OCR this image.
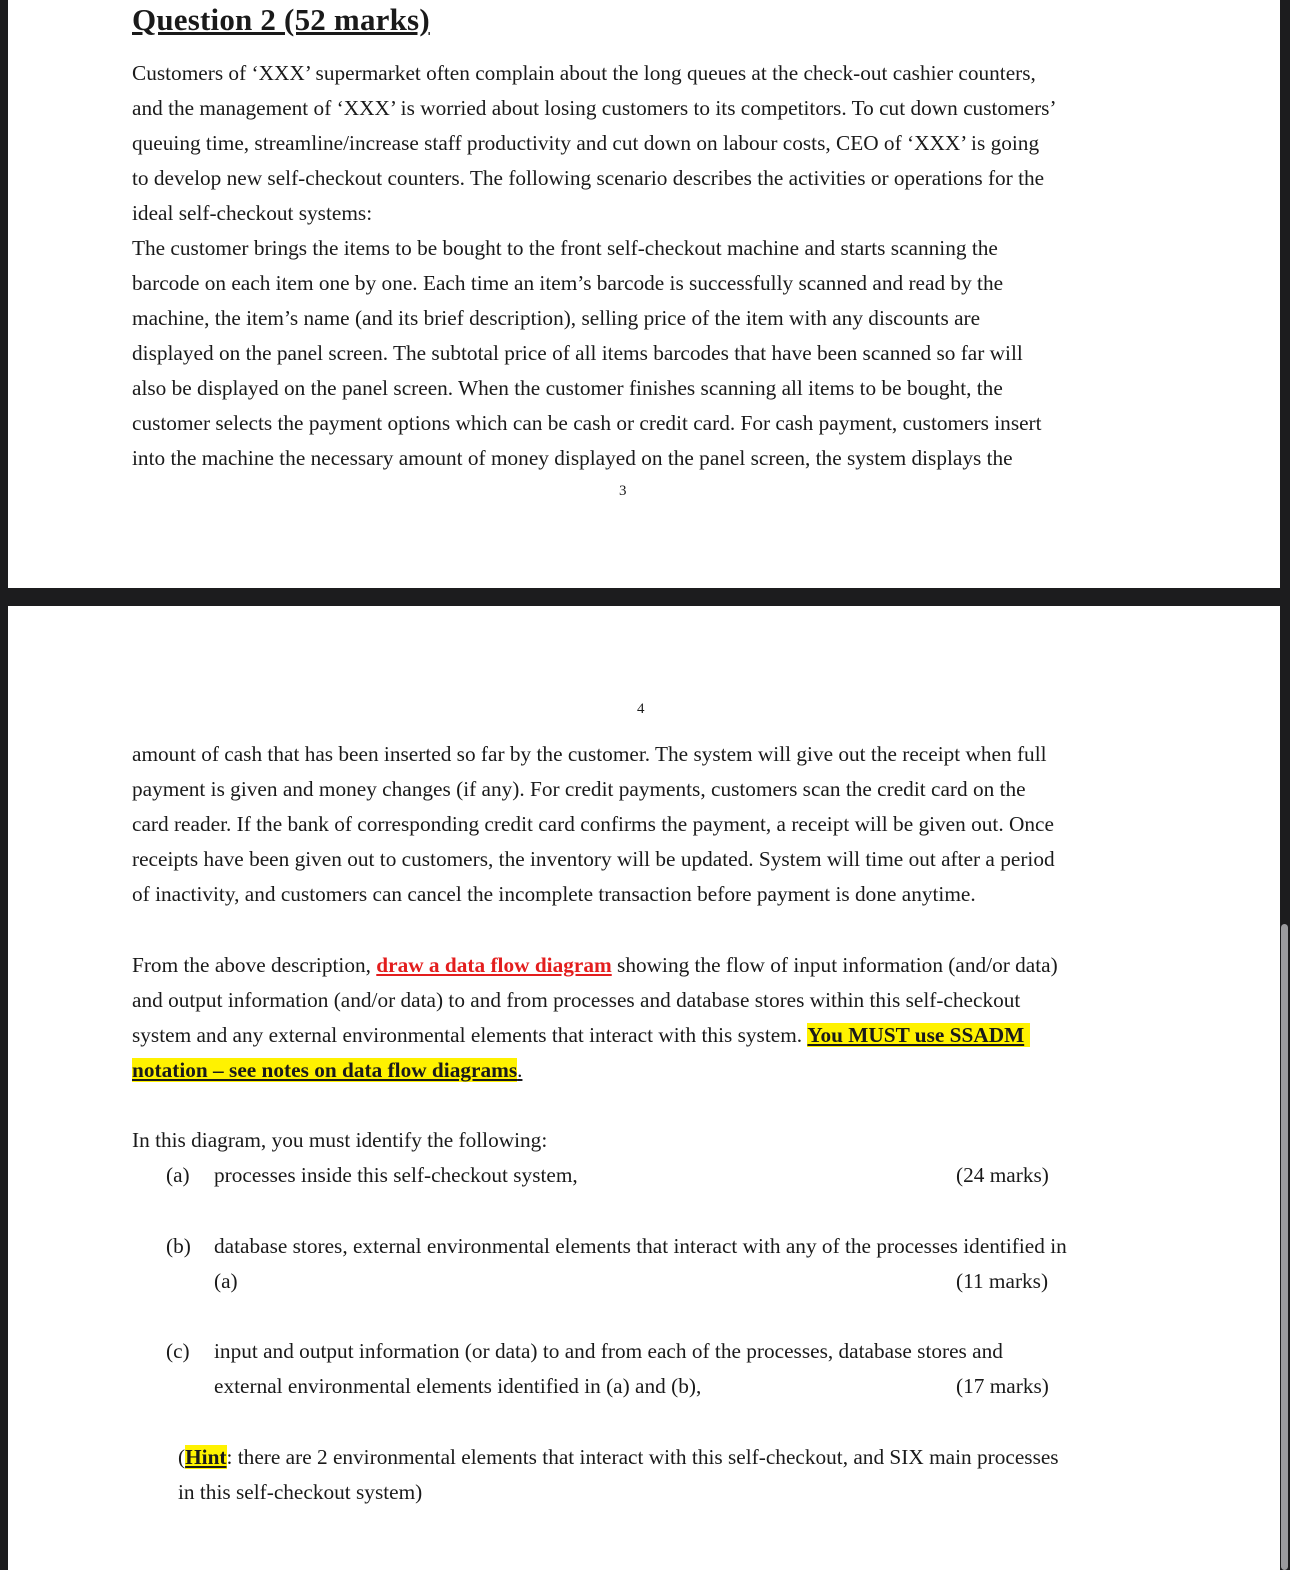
Question 2 (52 marks)
Customers of ‘XXX’ supermarket often complain about the long queues at the check-out cashier counters,
and the management of ‘XXX’ is worried about losing customers to its competitors. To cut down customers’
queuing time, streamline/increase staff productivity and cut down on labour costs, CEO of ‘XXX’ is going
to develop new self-checkout counters. The following scenario describes the activities or operations for the
ideal self-checkout systems:
The customer brings the items to be bought to the front self-checkout machine and starts scanning the
barcode on each item one by one. Each time an item’s barcode is successfully scanned and read by the
machine, the item’s name (and its brief description), selling price of the item with any discounts are
displayed on the panel screen. The subtotal price of all items barcodes that have been scanned so far will
also be displayed on the panel screen. When the customer finishes scanning all items to be bought, the
customer selects the payment options which can be cash or credit card. For cash payment, customers insert
into the machine the necessary amount of money displayed on the panel screen, the system displays the
3
4
amount of cash that has been inserted so far by the customer. The system will give out the receipt when full
payment is given and money changes (if any). For credit payments, customers scan the credit card on the
card reader. If the bank of corresponding credit card confirms the payment, a receipt will be given out. Once
receipts have been given out to customers, the inventory will be updated. System will time out after a period
of inactivity, and customers can cancel the incomplete transaction before payment is done anytime.
From the above description, draw a data flow diagram showing the flow of input information (and/or data)
and output information (and/or data) to and from processes and database stores within this self-checkout
system and any external environmental elements that interact with this system. You MUST use SSADM
notation – see notes on data flow diagrams.
In this diagram, you must identify the following:
(a)	processes inside this self-checkout system,	(24 marks)
(b)	database stores, external environmental elements that interact with any of the processes identified in
(a)	(11 marks)
(c)	input and output information (or data) to and from each of the processes, database stores and
external environmental elements identified in (a) and (b),	(17 marks)
(Hint: there are 2 environmental elements that interact with this self-checkout, and SIX main processes
in this self-checkout system)
